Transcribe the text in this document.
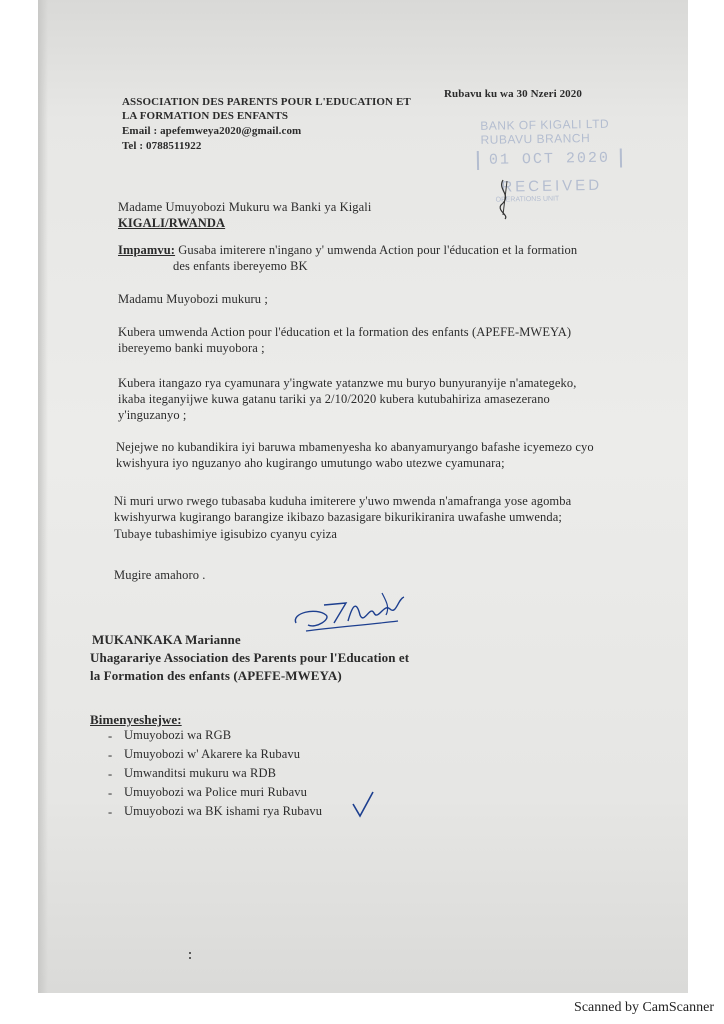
ASSOCIATION DES PARENTS POUR L'EDUCATION ET
LA FORMATION DES ENFANTS
Email : apefemweya2020@gmail.com
Tel : 0788511922
Rubavu ku wa 30 Nzeri 2020
BANK OF KIGALI LTD
RUBAVU BRANCH
01 OCT 2020
RECEIVED
OPERATIONS UNIT
Madame Umuyobozi Mukuru wa Banki ya Kigali
KIGALI/RWANDA
Impamvu: Gusaba imiterere n'ingano y' umwenda Action pour l'éducation et la formation
des enfants ibereyemo BK
Madamu Muyobozi mukuru ;
Kubera umwenda Action pour l'éducation et la formation des enfants (APEFE-MWEYA)
ibereyemo banki muyobora ;
Kubera itangazo rya cyamunara y'ingwate yatanzwe mu buryo bunyuranyije n'amategeko,
ikaba iteganyijwe kuwa gatanu tariki ya 2/10/2020 kubera kutubahiriza amasezerano
y'inguzanyo ;
Nejejwe no kubandikira iyi baruwa mbamenyesha ko abanyamuryango bafashe icyemezo cyo
kwishyura iyo nguzanyo aho kugirango umutungo wabo utezwe cyamunara;
Ni muri urwo rwego tubasaba kuduha imiterere y'uwo mwenda n'amafranga yose agomba
kwishyurwa kugirango barangize ikibazo bazasigare bikurikiranira uwafashe umwenda;
Tubaye tubashimiye igisubizo cyanyu cyiza
Mugire amahoro .
MUKANKAKA Marianne
Uhagarariye Association des Parents pour l'Education et
la Formation des enfants (APEFE-MWEYA)
Bimenyeshejwe:
- Umuyobozi wa RGB
- Umuyobozi w' Akarere ka Rubavu
- Umwanditsi mukuru wa RDB
- Umuyobozi wa Police muri Rubavu
- Umuyobozi wa BK ishami rya Rubavu
Scanned by CamScanner
